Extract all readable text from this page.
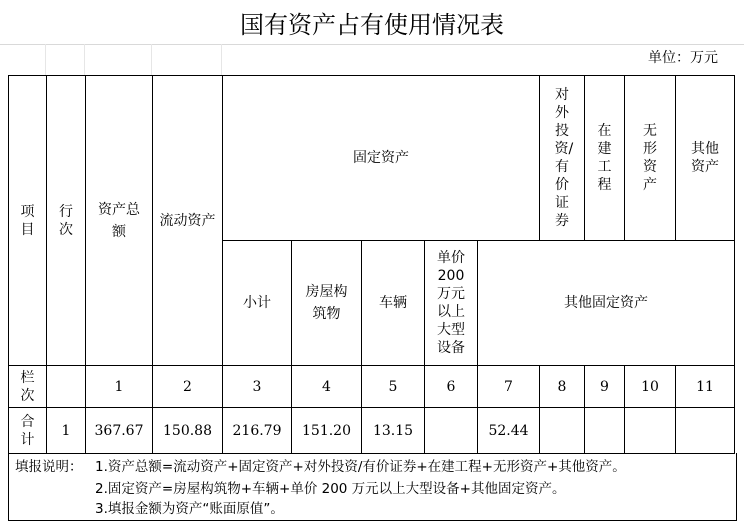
国有资产占有使用情况表
单位：万元
项目	行次	资产总额	流动资产	固定资产					对外投资/有价证券	在建工程	无形资产	其他资产
				小计	房屋构筑物	车辆	单价200万元以上大型设备	其他固定资产				
栏次		1	2	3	4	5	6	7	8	9	10	11
合计	1	367.67	150.88	216.79	151.20	13.15		52.44				
填报说明： 1.资产总额=流动资产+固定资产+对外投资/有价证券+在建工程+无形资产+其他资产。
2.固定资产=房屋构筑物+车辆+单价 200 万元以上大型设备+其他固定资产。
3.填报金额为资产“账面原值”。
